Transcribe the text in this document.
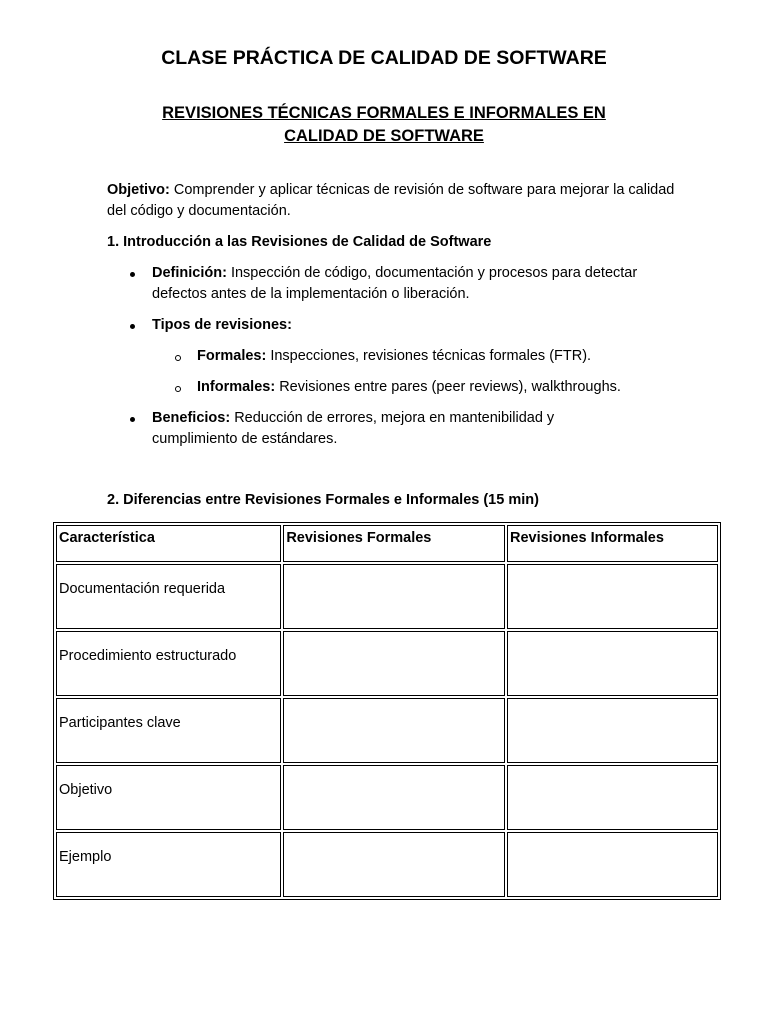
CLASE PRÁCTICA DE CALIDAD DE SOFTWARE
REVISIONES TÉCNICAS FORMALES E INFORMALES EN CALIDAD DE SOFTWARE

Objetivo: Comprender y aplicar técnicas de revisión de software para mejorar la calidad del código y documentación.

1. Introducción a las Revisiones de Calidad de Software

Definición: Inspección de código, documentación y procesos para detectar defectos antes de la implementación o liberación.
Tipos de revisiones:
Formales: Inspecciones, revisiones técnicas formales (FTR).
Informales: Revisiones entre pares (peer reviews), walkthroughs.
Beneficios: Reducción de errores, mejora en mantenibilidad y cumplimiento de estándares.

2. Diferencias entre Revisiones Formales e Informales (15 min)

Característica	Revisiones Formales	Revisiones Informales
Documentación requerida		
Procedimiento estructurado		
Participantes clave		
Objetivo		
Ejemplo		
